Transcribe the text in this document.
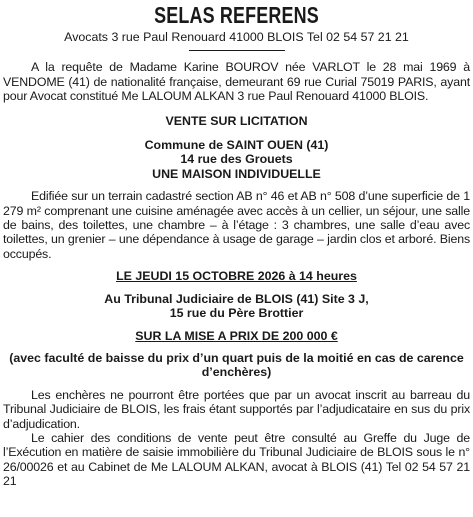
SELAS REFERENS
Avocats 3 rue Paul Renouard 41000 BLOIS Tel 02 54 57 21 21

A la requête de Madame Karine BOUROV née VARLOT le 28 mai 1969 à VENDOME (41) de nationalité française, demeurant 69 rue Curial 75019 PARIS, ayant pour Avocat constitué Me LALOUM ALKAN 3 rue Paul Renouard 41000 BLOIS.

VENTE SUR LICITATION

Commune de SAINT OUEN (41)

14 rue des Grouets

UNE MAISON INDIVIDUELLE

Edifiée sur un terrain cadastré section AB n° 46 et AB n° 508 d’une superficie de 1 279 m² comprenant une cuisine aménagée avec accès à un cellier, un séjour, une salle de bains, des toilettes, une chambre – à l’étage : 3 chambres, une salle d’eau avec toilettes, un grenier – une dépendance à usage de garage – jardin clos et arboré. Biens occupés.

LE JEUDI 15 OCTOBRE 2026 à 14 heures

Au Tribunal Judiciaire de BLOIS (41) Site 3 J,

15 rue du Père Brottier

SUR LA MISE A PRIX DE 200 000 €

(avec faculté de baisse du prix d’un quart puis de la moitié en cas de carence d’enchères)

Les enchères ne pourront être portées que par un avocat inscrit au barreau du Tribunal Judiciaire de BLOIS, les frais étant supportés par l’adjudicataire en sus du prix d’adjudication.

Le cahier des conditions de vente peut être consulté au Greffe du Juge de l’Exécution en matière de saisie immobilière du Tribunal Judiciaire de BLOIS sous le n° 26/00026 et au Cabinet de Me LALOUM ALKAN, avocat à BLOIS (41) Tel 02 54 57 21 21
